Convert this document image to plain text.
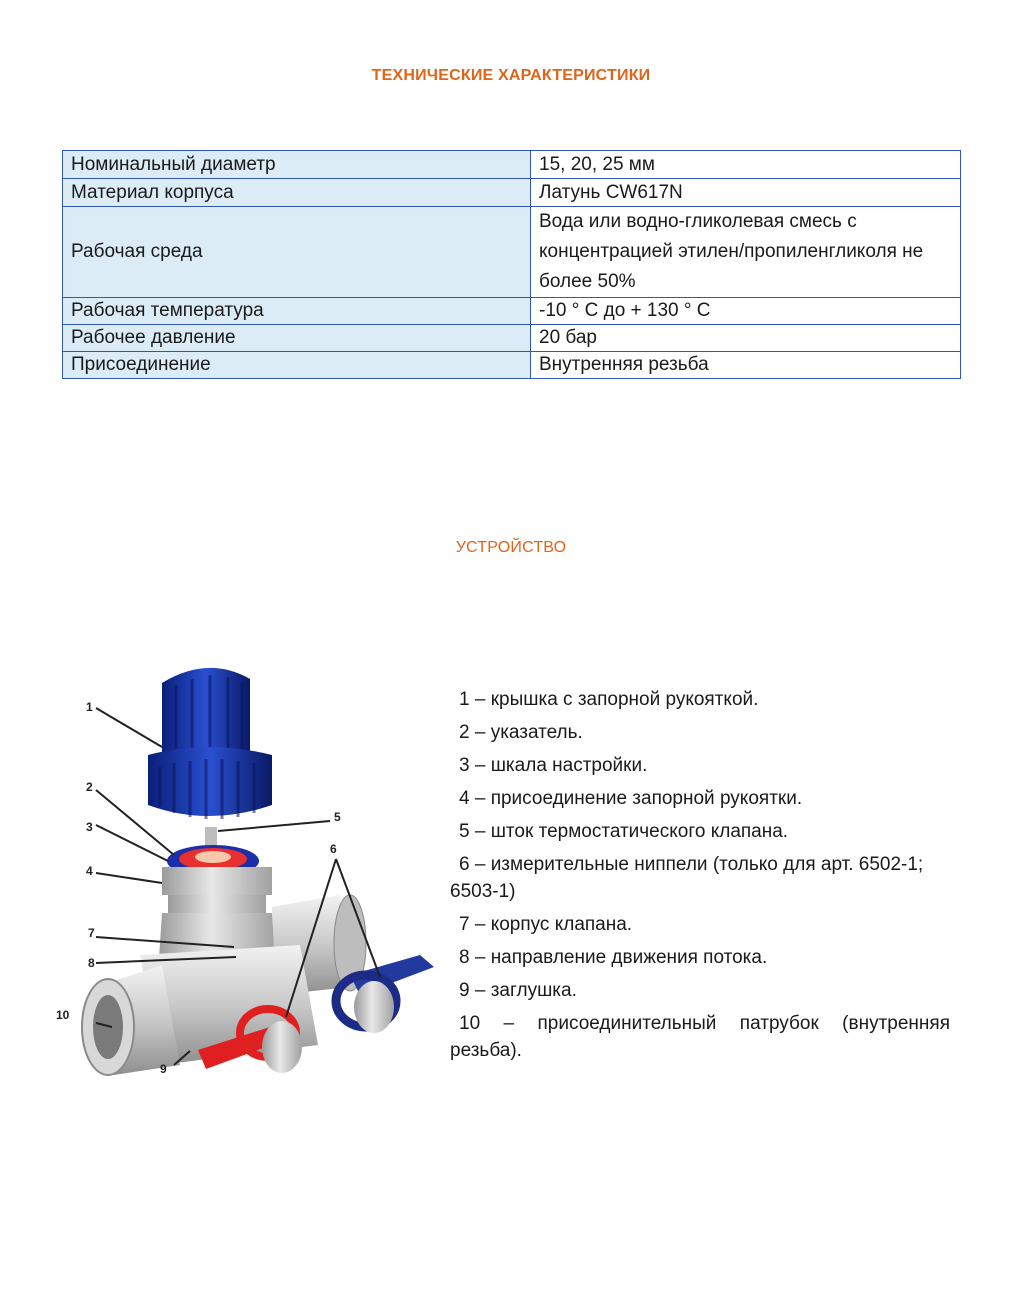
ТЕХНИЧЕСКИЕ ХАРАКТЕРИСТИКИ
Номинальный диаметр	15, 20, 25 мм
Материал корпуса	Латунь CW617N
Рабочая среда	Вода или водно-гликолевая смесь с концентрацией этилен/пропиленгликоля не более 50%
Рабочая температура	-10 ° С до + 130 ° С
Рабочее давление	20 бар
Присоединение	Внутренняя резьба
УСТРОЙСТВО
1
2
3
4
5
6
7
8
9
10
1 – крышка с запорной рукояткой.
2 – указатель.
3 – шкала настройки.
4 – присоединение запорной рукоятки.
5 – шток термостатического клапана.
6 – измерительные ниппели (только для арт. 6502-1; 6503-1)
7 – корпус клапана.
8 – направление движения потока.
9 – заглушка.
10 – присоединительный патрубок (внутренняя резьба).
